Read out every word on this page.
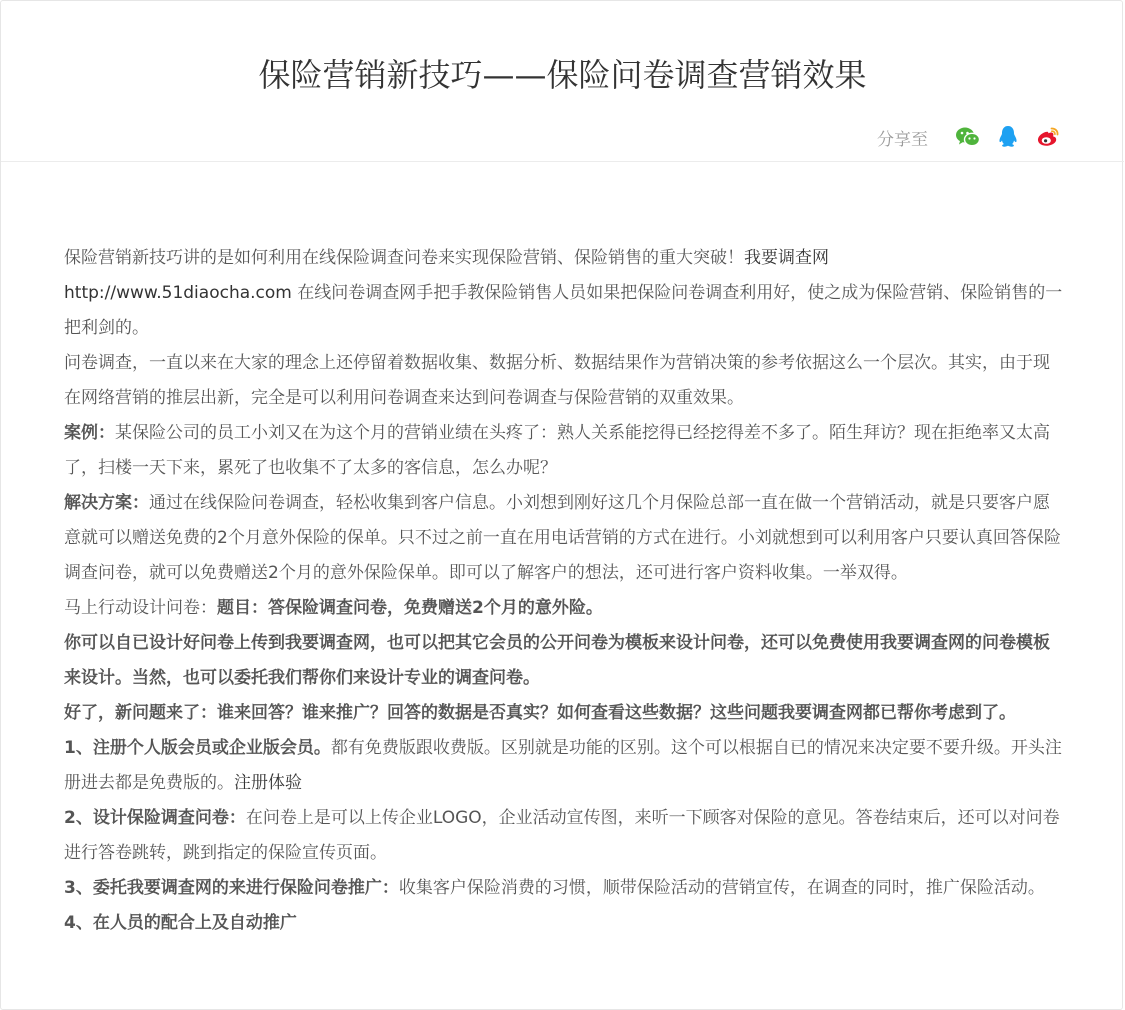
保险营销新技巧——保险问卷调查营销效果
分享至

保险营销新技巧讲的是如何利用在线保险调查问卷来实现保险营销、保险销售的重大突破！我要调查网
http://www.51diaocha.com 在线问卷调查网手把手教保险销售人员如果把保险问卷调查利用好，使之成为保险营销、保险销售的一把利剑的。

问卷调查，一直以来在大家的理念上还停留着数据收集、数据分析、数据结果作为营销决策的参考依据这么一个层次。其实，由于现在网络营销的推层出新，完全是可以利用问卷调查来达到问卷调查与保险营销的双重效果。

案例：某保险公司的员工小刘又在为这个月的营销业绩在头疼了：熟人关系能挖得已经挖得差不多了。陌生拜访？现在拒绝率又太高了，扫楼一天下来，累死了也收集不了太多的客信息，怎么办呢？

解决方案：通过在线保险问卷调查，轻松收集到客户信息。小刘想到刚好这几个月保险总部一直在做一个营销活动，就是只要客户愿意就可以赠送免费的2个月意外保险的保单。只不过之前一直在用电话营销的方式在进行。小刘就想到可以利用客户只要认真回答保险调查问卷，就可以免费赠送2个月的意外保险保单。即可以了解客户的想法，还可进行客户资料收集。一举双得。

马上行动设计问卷：题目：答保险调查问卷，免费赠送2个月的意外险。

你可以自已设计好问卷上传到我要调查网，也可以把其它会员的公开问卷为模板来设计问卷，还可以免费使用我要调查网的问卷模板来设计。当然，也可以委托我们帮你们来设计专业的调查问卷。

好了，新问题来了：谁来回答？谁来推广？回答的数据是否真实？如何查看这些数据？这些问题我要调查网都已帮你考虑到了。

1、注册个人版会员或企业版会员。都有免费版跟收费版。区别就是功能的区别。这个可以根据自已的情况来决定要不要升级。开头注册进去都是免费版的。注册体验

2、设计保险调查问卷：在问卷上是可以上传企业LOGO，企业活动宣传图，来听一下顾客对保险的意见。答卷结束后，还可以对问卷进行答卷跳转，跳到指定的保险宣传页面。

3、委托我要调查网的来进行保险问卷推广：收集客户保险消费的习惯，顺带保险活动的营销宣传，在调查的同时，推广保险活动。

4、在人员的配合上及自动推广
